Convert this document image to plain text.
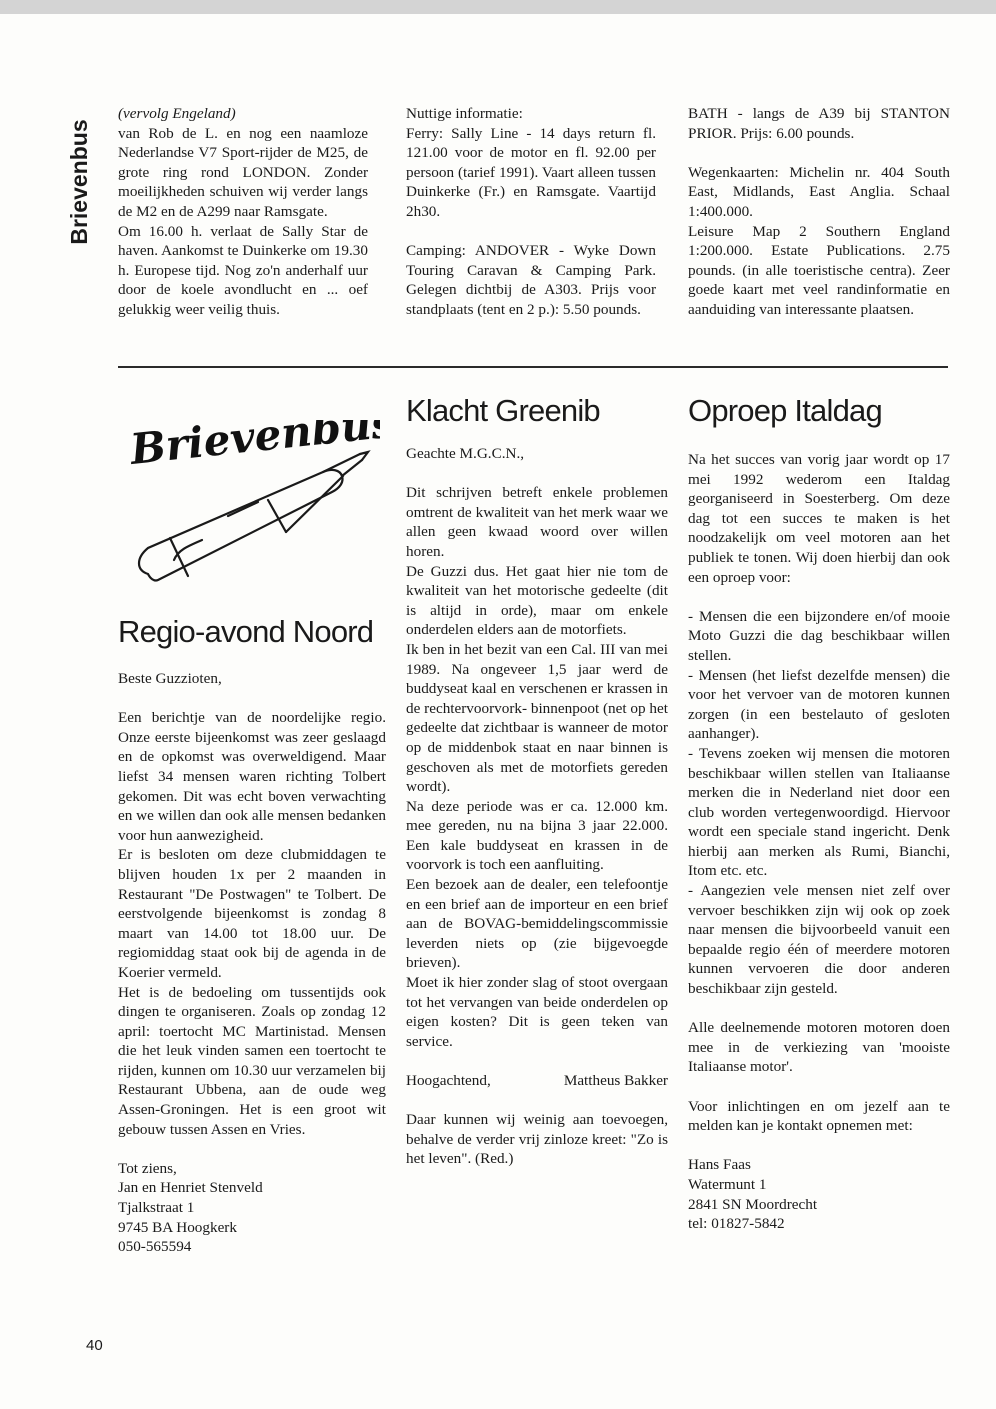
Brievenbus

(vervolg Engeland)

van Rob de L. en nog een naamloze Nederlandse V7 Sport-rijder de M25, de grote ring rond LONDON. Zonder moeilijkheden schuiven wij verder langs de M2 en de A299 naar Ramsgate.

Om 16.00 h. verlaat de Sally Star de haven. Aankomst te Duinkerke om 19.30 h. Europese tijd. Nog zo'n anderhalf uur door de koele avondlucht en ... oef gelukkig weer veilig thuis.

Nuttige informatie:

Ferry: Sally Line - 14 days return fl. 121.00 voor de motor en fl. 92.00 per persoon (tarief 1991). Vaart alleen tussen Duinkerke (Fr.) en Ramsgate. Vaartijd 2h30.

Camping: ANDOVER - Wyke Down Touring Caravan & Camping Park. Gelegen dichtbij de A303. Prijs voor standplaats (tent en 2 p.): 5.50 pounds.

BATH - langs de A39 bij STANTON PRIOR. Prijs: 6.00 pounds.

Wegenkaarten: Michelin nr. 404 South East, Midlands, East Anglia. Schaal 1:400.000.

Leisure Map 2 Southern England 1:200.000. Estate Publications. 2.75 pounds. (in alle toeristische centra). Zeer goede kaart met veel randinformatie en aanduiding van interessante plaatsen.

Brievenbus
Regio-avond Noord

Beste Guzzioten,

Een berichtje van de noordelijke regio. Onze eerste bijeenkomst was zeer geslaagd en de opkomst was overweldigend. Maar liefst 34 mensen waren richting Tolbert gekomen. Dit was echt boven verwachting en we willen dan ook alle mensen bedanken voor hun aanwezigheid.

Er is besloten om deze clubmiddagen te blijven houden 1x per 2 maanden in Restaurant "De Postwagen" te Tolbert. De eerstvolgende bijeenkomst is zondag 8 maart van 14.00 tot 18.00 uur. De regiomiddag staat ook bij de agenda in de Koerier vermeld.

Het is de bedoeling om tussentijds ook dingen te organiseren. Zoals op zondag 12 april: toertocht MC Martinistad. Mensen die het leuk vinden samen een toertocht te rijden, kunnen om 10.30 uur verzamelen bij Restaurant Ubbena, aan de oude weg Assen-Groningen. Het is een groot wit gebouw tussen Assen en Vries.

Tot ziens,

Jan en Henriet Stenveld

Tjalkstraat 1

9745 BA Hoogkerk

050-565594

Klacht Greenib

Geachte M.G.C.N.,

Dit schrijven betreft enkele problemen omtrent de kwaliteit van het merk waar we allen geen kwaad woord over willen horen.

De Guzzi dus. Het gaat hier nie tom de kwaliteit van het motorische gedeelte (dit is altijd in orde), maar om enkele onderdelen elders aan de motorfiets.

Ik ben in het bezit van een Cal. III van mei 1989. Na ongeveer 1,5 jaar werd de buddyseat kaal en verschenen er krassen in de rechtervoorvork- binnenpoot (net op het gedeelte dat zichtbaar is wanneer de motor op de middenbok staat en naar binnen is geschoven als met de motorfiets gereden wordt).

Na deze periode was er ca. 12.000 km. mee gereden, nu na bijna 3 jaar 22.000. Een kale buddyseat en krassen in de voorvork is toch een aanfluiting.

Een bezoek aan de dealer, een telefoontje en een brief aan de importeur en een brief aan de BOVAG-bemiddelingscommissie leverden niets op (zie bijgevoegde brieven).

Moet ik hier zonder slag of stoot overgaan tot het vervangen van beide onderdelen op eigen kosten? Dit is geen teken van service.

Hoogachtend,	Mattheus Bakker

Daar kunnen wij weinig aan toevoegen, behalve de verder vrij zinloze kreet: "Zo is het leven". (Red.)

Oproep Italdag

Na het succes van vorig jaar wordt op 17 mei 1992 wederom een Italdag georganiseerd in Soesterberg. Om deze dag tot een succes te maken is het noodzakelijk om veel motoren aan het publiek te tonen. Wij doen hierbij dan ook een oproep voor:

- Mensen die een bijzondere en/of mooie Moto Guzzi die dag beschikbaar willen stellen.

- Mensen (het liefst dezelfde mensen) die voor het vervoer van de motoren kunnen zorgen (in een bestelauto of gesloten aanhanger).

- Tevens zoeken wij mensen die motoren beschikbaar willen stellen van Italiaanse merken die in Nederland niet door een club worden vertegenwoordigd. Hiervoor wordt een speciale stand ingericht. Denk hierbij aan merken als Rumi, Bianchi, Itom etc. etc.

- Aangezien vele mensen niet zelf over vervoer beschikken zijn wij ook op zoek naar mensen die bijvoorbeeld vanuit een bepaalde regio één of meerdere motoren kunnen vervoeren die door anderen beschikbaar zijn gesteld.

Alle deelnemende motoren motoren doen mee in de verkiezing van 'mooiste Italiaanse motor'.

Voor inlichtingen en om jezelf aan te melden kan je kontakt opnemen met:

Hans Faas

Watermunt 1

2841 SN Moordrecht

tel: 01827-5842

40
